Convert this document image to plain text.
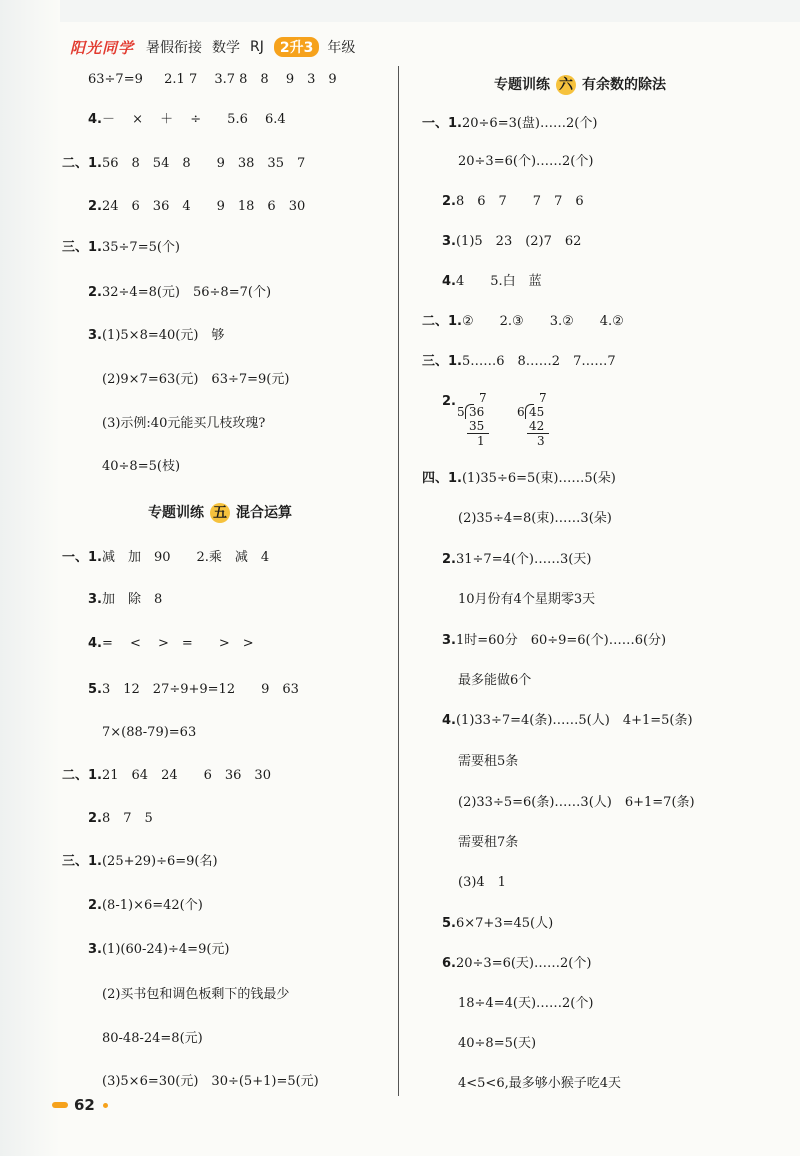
阳光同学 暑假衔接 数学 RJ	2升3	年级
63÷7=9　  2.1 7　 3.7 8　8　 9　3　9
4.－　 ×　 ＋　 ÷　　5.6　 6.4
二、1.56　8　54　8　　9　38　35　7
2.24　6　36　4　　9　18　6　30
三、1.35÷7=5(个)
2.32÷4=8(元)　56÷8=7(个)
3.(1)5×8=40(元)　够
(2)9×7=63(元)　63÷7=9(元)
(3)示例:40元能买几枝玫瑰?
40÷8=5(枝)
专题训练 五 混合运算
一、1.减　加　90　　2.乘　减　4
3.加　除　8
4.=　 <　 >　=　　>　>
5.3　12　27÷9+9=12　　9　63
7×(88-79)=63
二、1.21　64　24　　6　36　30
2.8　7　5
三、1.(25+29)÷6=9(名)
2.(8-1)×6=42(个)
3.(1)(60-24)÷4=9(元)
(2)买书包和调色板剩下的钱最少
80-48-24=8(元)
(3)5×6=30(元)　30÷(5+1)=5(元)
专题训练 六 有余数的除法
一、1.20÷6=3(盘)……2(个)
20÷3=6(个)……2(个)
2.8　6　7　　7　7　6
3.(1)5　23　(2)7　62
4.4　　5.白　蓝
二、1.②　　2.③　　3.②　　4.②
三、1.5……6　8……2　7……7
2. 7
5 36
35
1
7
6 45
42
3
四、1.(1)35÷6=5(束)……5(朵)
(2)35÷4=8(束)……3(朵)
2.31÷7=4(个)……3(天)
10月份有4个星期零3天
3.1时=60分　60÷9=6(个)……6(分)
最多能做6个
4.(1)33÷7=4(条)……5(人)　4+1=5(条)
需要租5条
(2)33÷5=6(条)……3(人)　6+1=7(条)
需要租7条
(3)4　1
5.6×7+3=45(人)
6.20÷3=6(天)……2(个)
18÷4=4(天)……2(个)
40÷8=5(天)
4<5<6,最多够小猴子吃4天
62
